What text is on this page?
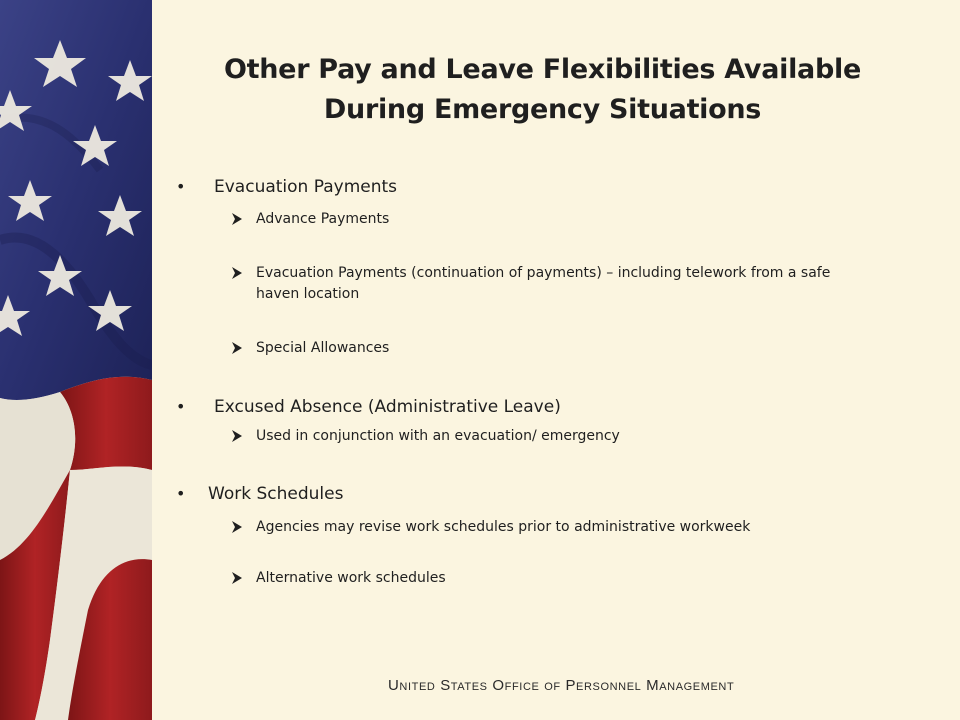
Other Pay and Leave Flexibilities Available
During Emergency Situations
• Evacuation Payments
Advance Payments
Evacuation Payments (continuation of payments) – including telework from a safe
haven location
Special Allowances
• Excused Absence (Administrative Leave)
Used in conjunction with an evacuation/ emergency
• Work Schedules
Agencies may revise work schedules prior to administrative workweek
Alternative work schedules
United States Office of Personnel Management
